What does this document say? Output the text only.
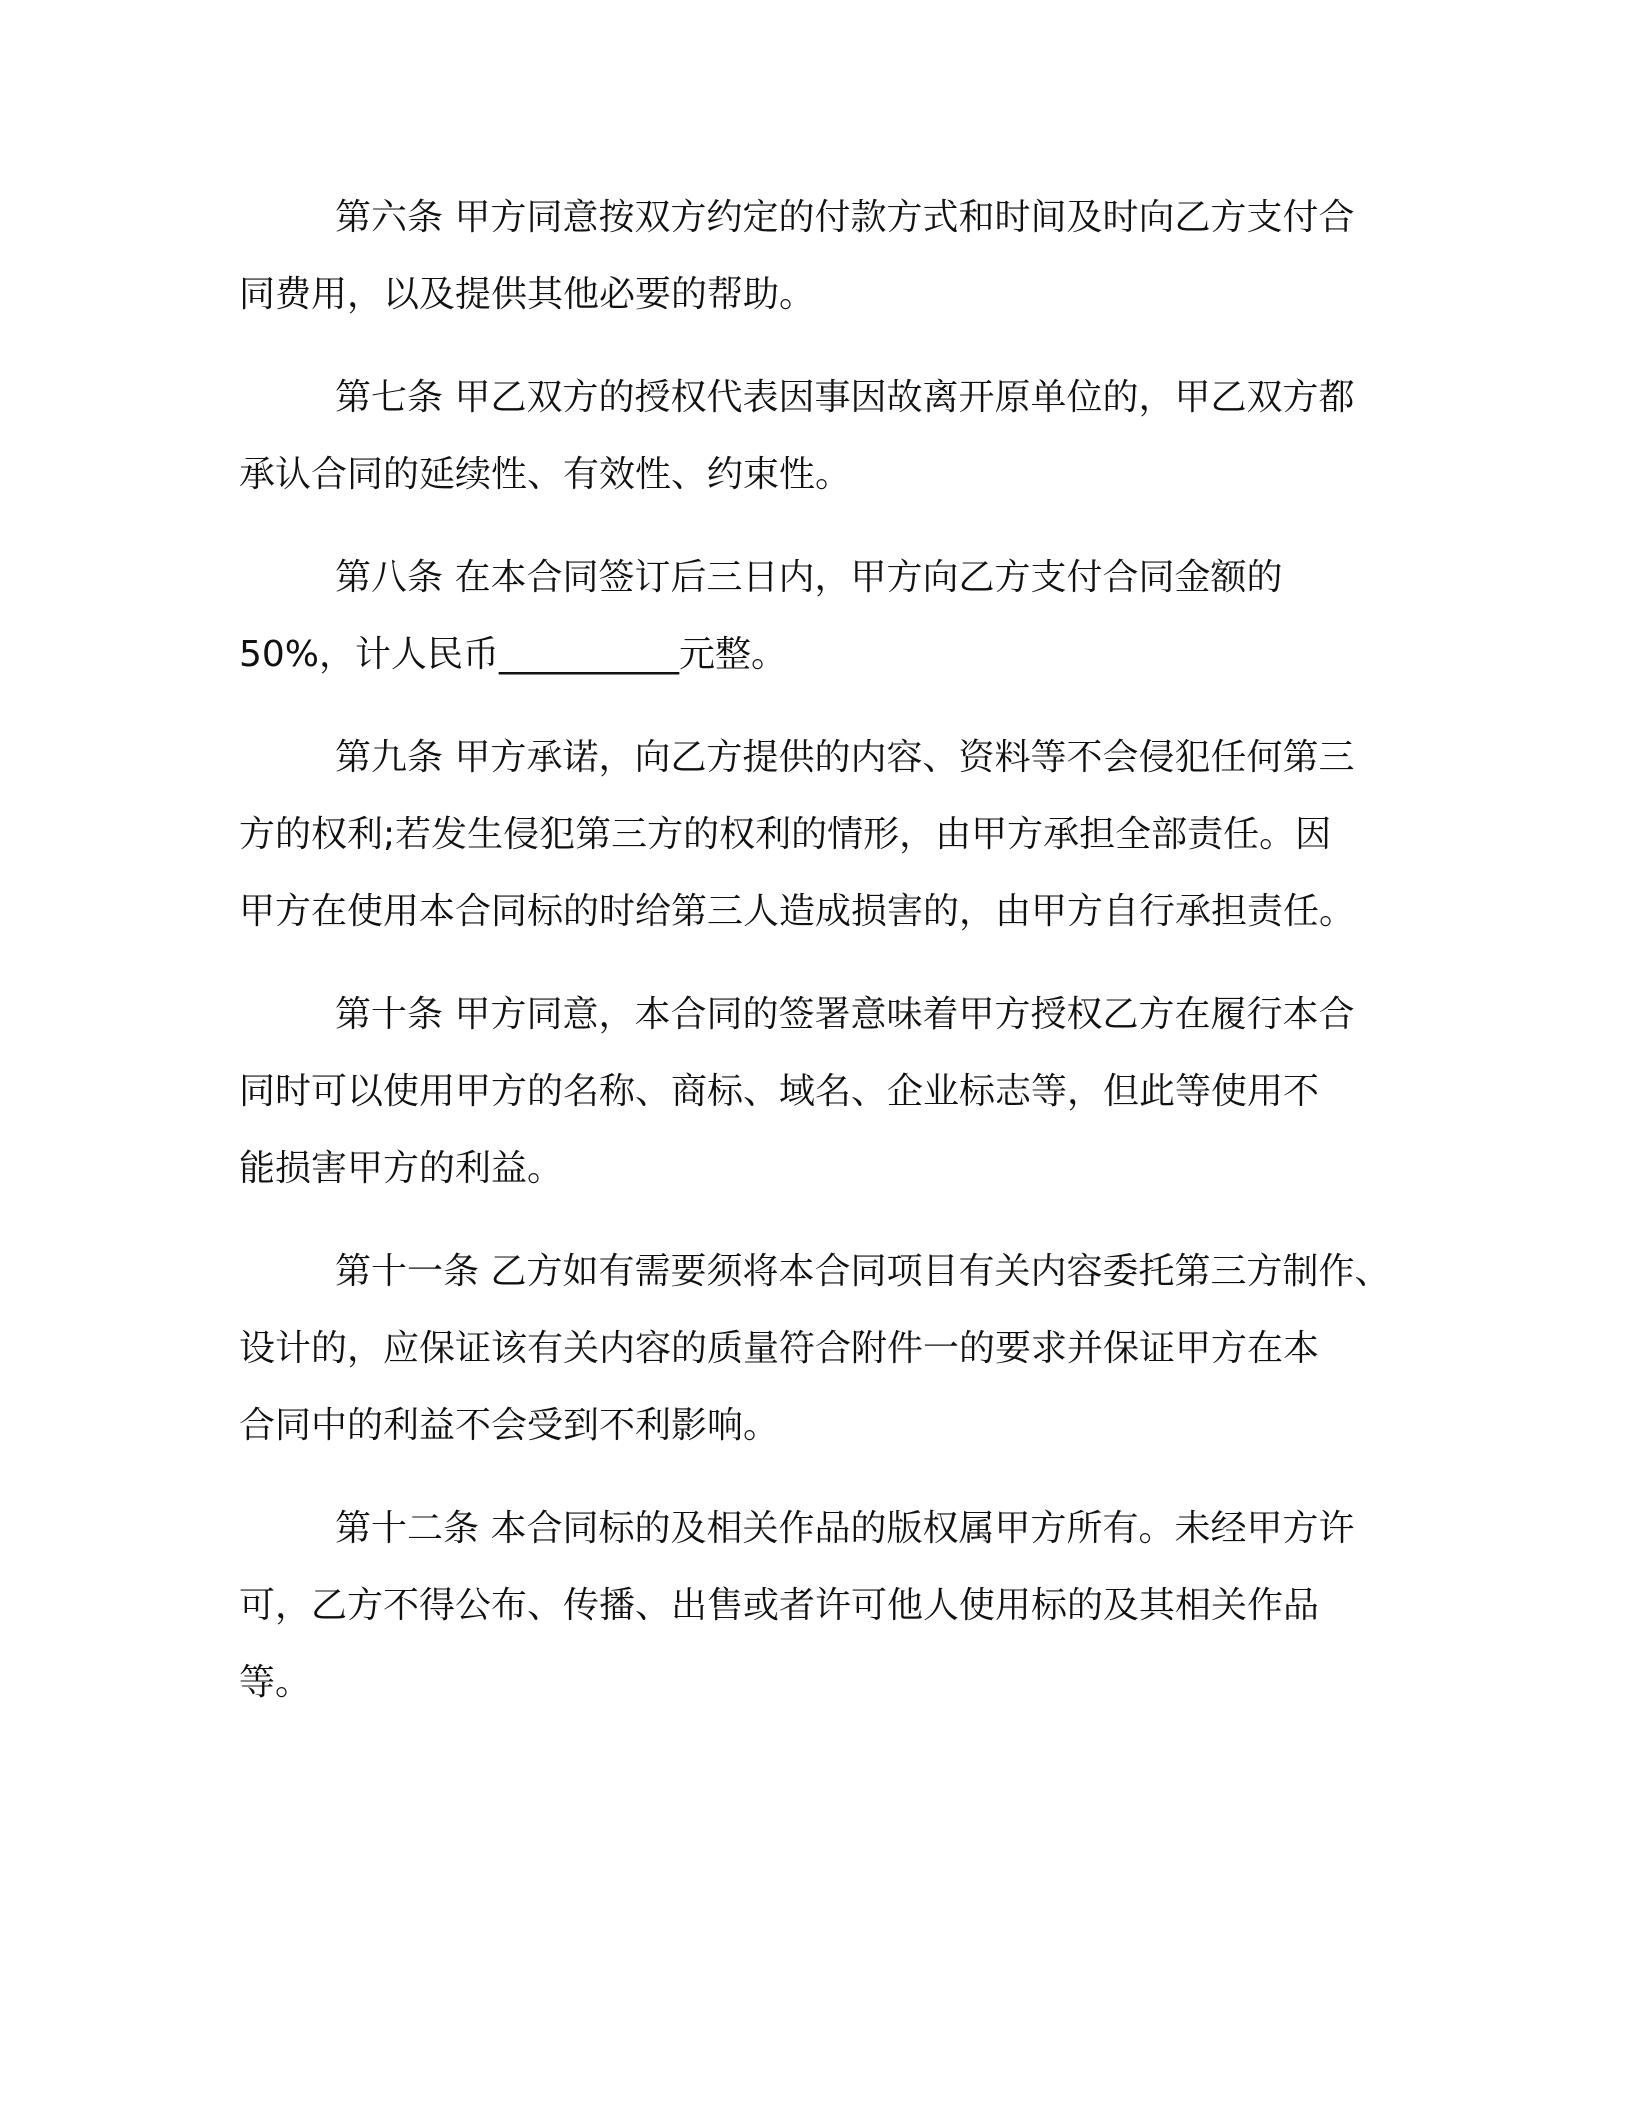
第六条 甲方同意按双方约定的付款方式和时间及时向乙方支付合
同费用，以及提供其他必要的帮助。
第七条 甲乙双方的授权代表因事因故离开原单位的，甲乙双方都
承认合同的延续性、有效性、约束性。
第八条 在本合同签订后三日内，甲方向乙方支付合同金额的
50%，计人民币__________元整。
第九条 甲方承诺，向乙方提供的内容、资料等不会侵犯任何第三
方的权利;若发生侵犯第三方的权利的情形，由甲方承担全部责任。因
甲方在使用本合同标的时给第三人造成损害的，由甲方自行承担责任。
第十条 甲方同意，本合同的签署意味着甲方授权乙方在履行本合
同时可以使用甲方的名称、商标、域名、企业标志等，但此等使用不
能损害甲方的利益。
第十一条 乙方如有需要须将本合同项目有关内容委托第三方制作、
设计的，应保证该有关内容的质量符合附件一的要求并保证甲方在本
合同中的利益不会受到不利影响。
第十二条 本合同标的及相关作品的版权属甲方所有。未经甲方许
可，乙方不得公布、传播、出售或者许可他人使用标的及其相关作品
等。
